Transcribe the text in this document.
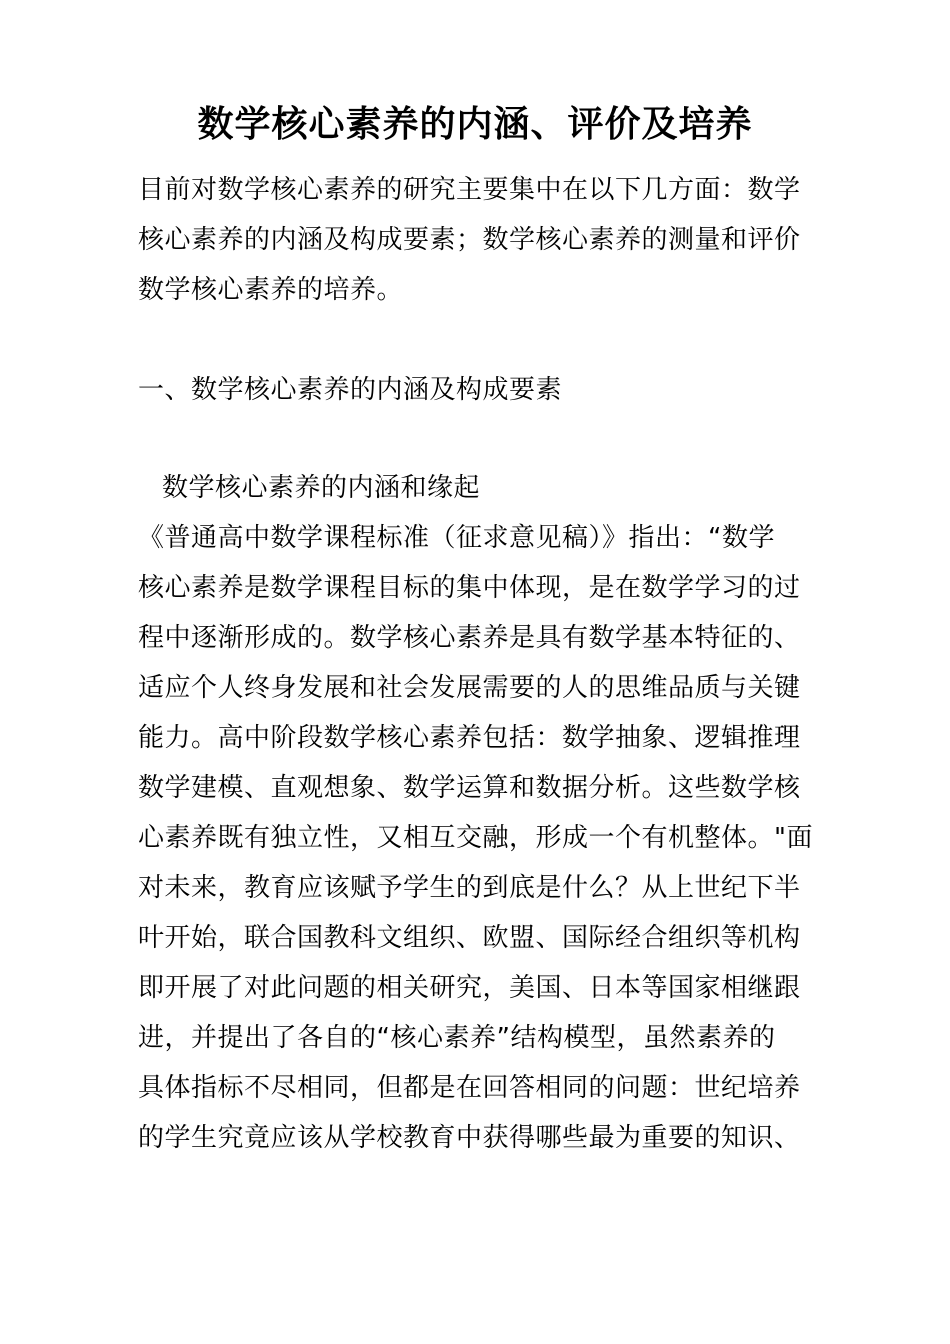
数学核心素养的内涵、评价及培养
目前对数学核心素养的研究主要集中在以下几方面：数学
核心素养的内涵及构成要素；数学核心素养的测量和评价
数学核心素养的培养。
一、数学核心素养的内涵及构成要素
数学核心素养的内涵和缘起
《普通高中数学课程标准（征求意见稿）》指出：“数学
核心素养是数学课程目标的集中体现，是在数学学习的过
程中逐渐形成的。数学核心素养是具有数学基本特征的、
适应个人终身发展和社会发展需要的人的思维品质与关键
能力。高中阶段数学核心素养包括：数学抽象、逻辑推理
数学建模、直观想象、数学运算和数据分析。这些数学核
心素养既有独立性，又相互交融，形成一个有机整体。"面
对未来，教育应该赋予学生的到底是什么？从上世纪下半
叶开始，联合国教科文组织、欧盟、国际经合组织等机构
即开展了对此问题的相关研究，美国、日本等国家相继跟
进，并提出了各自的“核心素养”结构模型，虽然素养的
具体指标不尽相同，但都是在回答相同的问题：世纪培养
的学生究竟应该从学校教育中获得哪些最为重要的知识、
